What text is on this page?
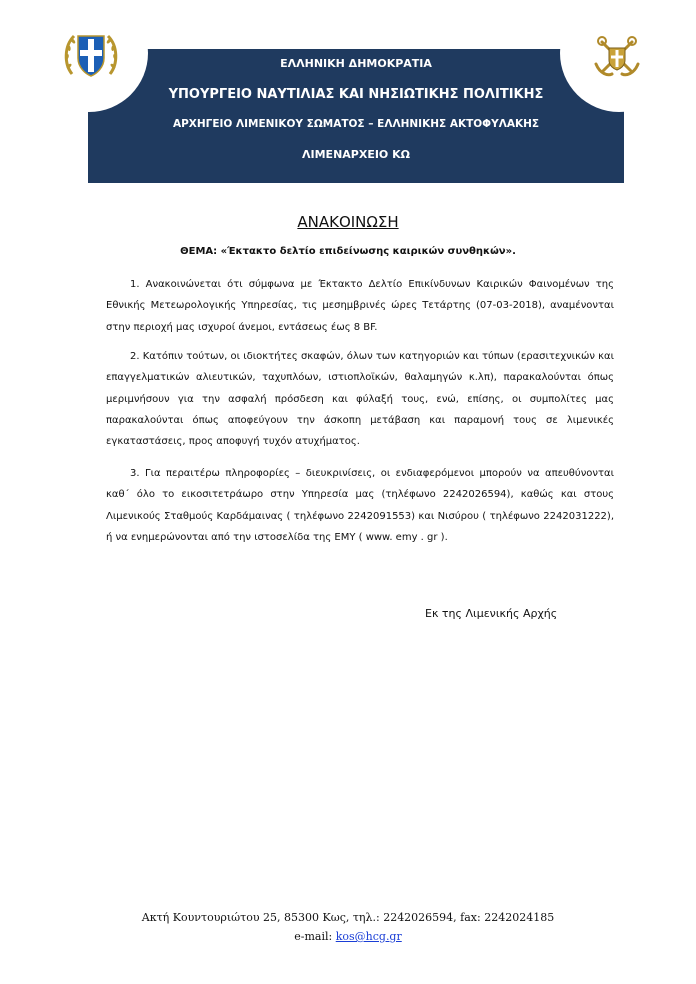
ΕΛΛΗΝΙΚΗ ΔΗΜΟΚΡΑΤΙΑ
ΥΠΟΥΡΓΕΙΟ ΝΑΥΤΙΛΙΑΣ ΚΑΙ ΝΗΣΙΩΤΙΚΗΣ ΠΟΛΙΤΙΚΗΣ
ΑΡΧΗΓΕΙΟ ΛΙΜΕΝΙΚΟΥ ΣΩΜΑΤΟΣ – ΕΛΛΗΝΙΚΗΣ ΑΚΤΟΦΥΛΑΚΗΣ
ΛΙΜΕΝΑΡΧΕΙΟ ΚΩ
ΑΝΑΚΟΙΝΩΣΗ
ΘΕΜΑ: «Έκτακτο δελτίο επιδείνωσης καιρικών συνθηκών».

1. Ανακοινώνεται ότι σύμφωνα με Έκτακτο Δελτίο Επικίνδυνων Καιρικών Φαινομένων της Εθνικής Μετεωρολογικής Υπηρεσίας, τις μεσημβρινές ώρες Τετάρτης (07-03-2018), αναμένονται στην περιοχή μας ισχυροί άνεμοι, εντάσεως έως 8 BF.

2. Κατόπιν τούτων, οι ιδιοκτήτες σκαφών, όλων των κατηγοριών και τύπων (ερασιτεχνικών και επαγγελματικών αλιευτικών, ταχυπλόων, ιστιοπλοϊκών, θαλαμηγών κ.λπ), παρακαλούνται όπως μεριμνήσουν για την ασφαλή πρόσδεση και φύλαξή τους, ενώ, επίσης, οι συμπολίτες μας παρακαλούνται όπως αποφεύγουν την άσκοπη μετάβαση και παραμονή τους σε λιμενικές εγκαταστάσεις, προς αποφυγή τυχόν ατυχήματος.

3. Για περαιτέρω πληροφορίες – διευκρινίσεις, οι ενδιαφερόμενοι μπορούν να απευθύνονται καθ΄ όλο το εικοσιτετράωρο στην Υπηρεσία μας (τηλέφωνο 2242026594), καθώς και στους Λιμενικούς Σταθμούς Καρδάμαινας ( τηλέφωνο 2242091553) και Νισύρου ( τηλέφωνο 2242031222), ή να ενημερώνονται από την ιστοσελίδα της ΕΜΥ ( www. emy . gr ).

Εκ της Λιμενικής Αρχής
Ακτή Κουντουριώτου 25, 85300 Κως, τηλ.: 2242026594, fax: 2242024185
e-mail: kos@hcg.gr
